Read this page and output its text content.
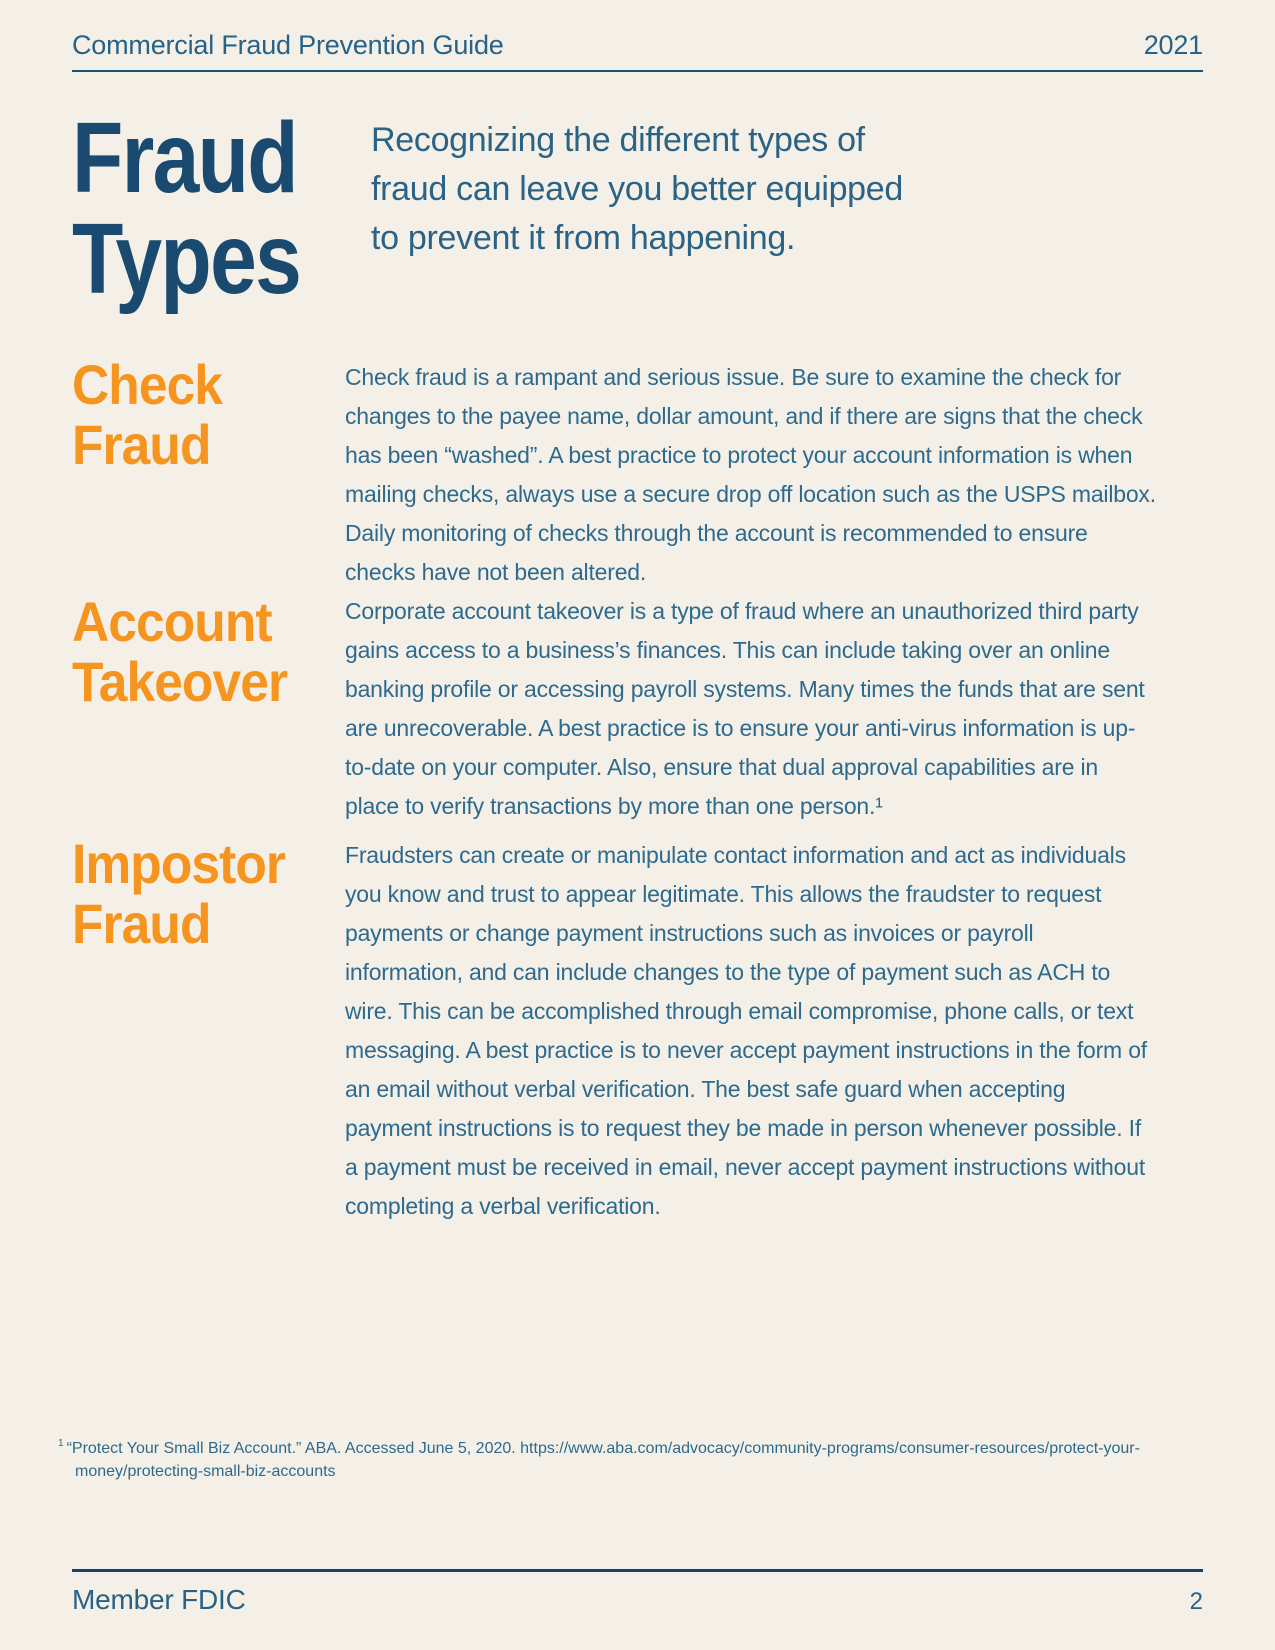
Commercial Fraud Prevention Guide	2021
Fraud
Types

Recognizing the different types of fraud can leave you better equipped to prevent it from happening.

Check
Fraud

Check fraud is a rampant and serious issue. Be sure to examine the check for changes to the payee name, dollar amount, and if there are signs that the check has been “washed”. A best practice to protect your account information is when mailing checks, always use a secure drop off location such as the USPS mailbox. Daily monitoring of checks through the account is recommended to ensure checks have not been altered.

Account
Takeover

Corporate account takeover is a type of fraud where an unauthorized third party gains access to a business’s finances. This can include taking over an online banking profile or accessing payroll systems. Many times the funds that are sent are unrecoverable. A best practice is to ensure your anti-virus information is up-to-date on your computer. Also, ensure that dual approval capabilities are in place to verify transactions by more than one person.¹

Impostor
Fraud

Fraudsters can create or manipulate contact information and act as individuals you know and trust to appear legitimate. This allows the fraudster to request payments or change payment instructions such as invoices or payroll information, and can include changes to the type of payment such as ACH to wire. This can be accomplished through email compromise, phone calls, or text messaging. A best practice is to never accept payment instructions in the form of an email without verbal verification. The best safe guard when accepting payment instructions is to request they be made in person whenever possible. If a payment must be received in email, never accept payment instructions without completing a verbal verification.

$^1$ “Protect Your Small Biz Account.” ABA. Accessed June 5, 2020. https://www.aba.com/advocacy/community-programs/consumer-resources/protect-your-money/protecting-small-biz-accounts

Member FDIC	2
